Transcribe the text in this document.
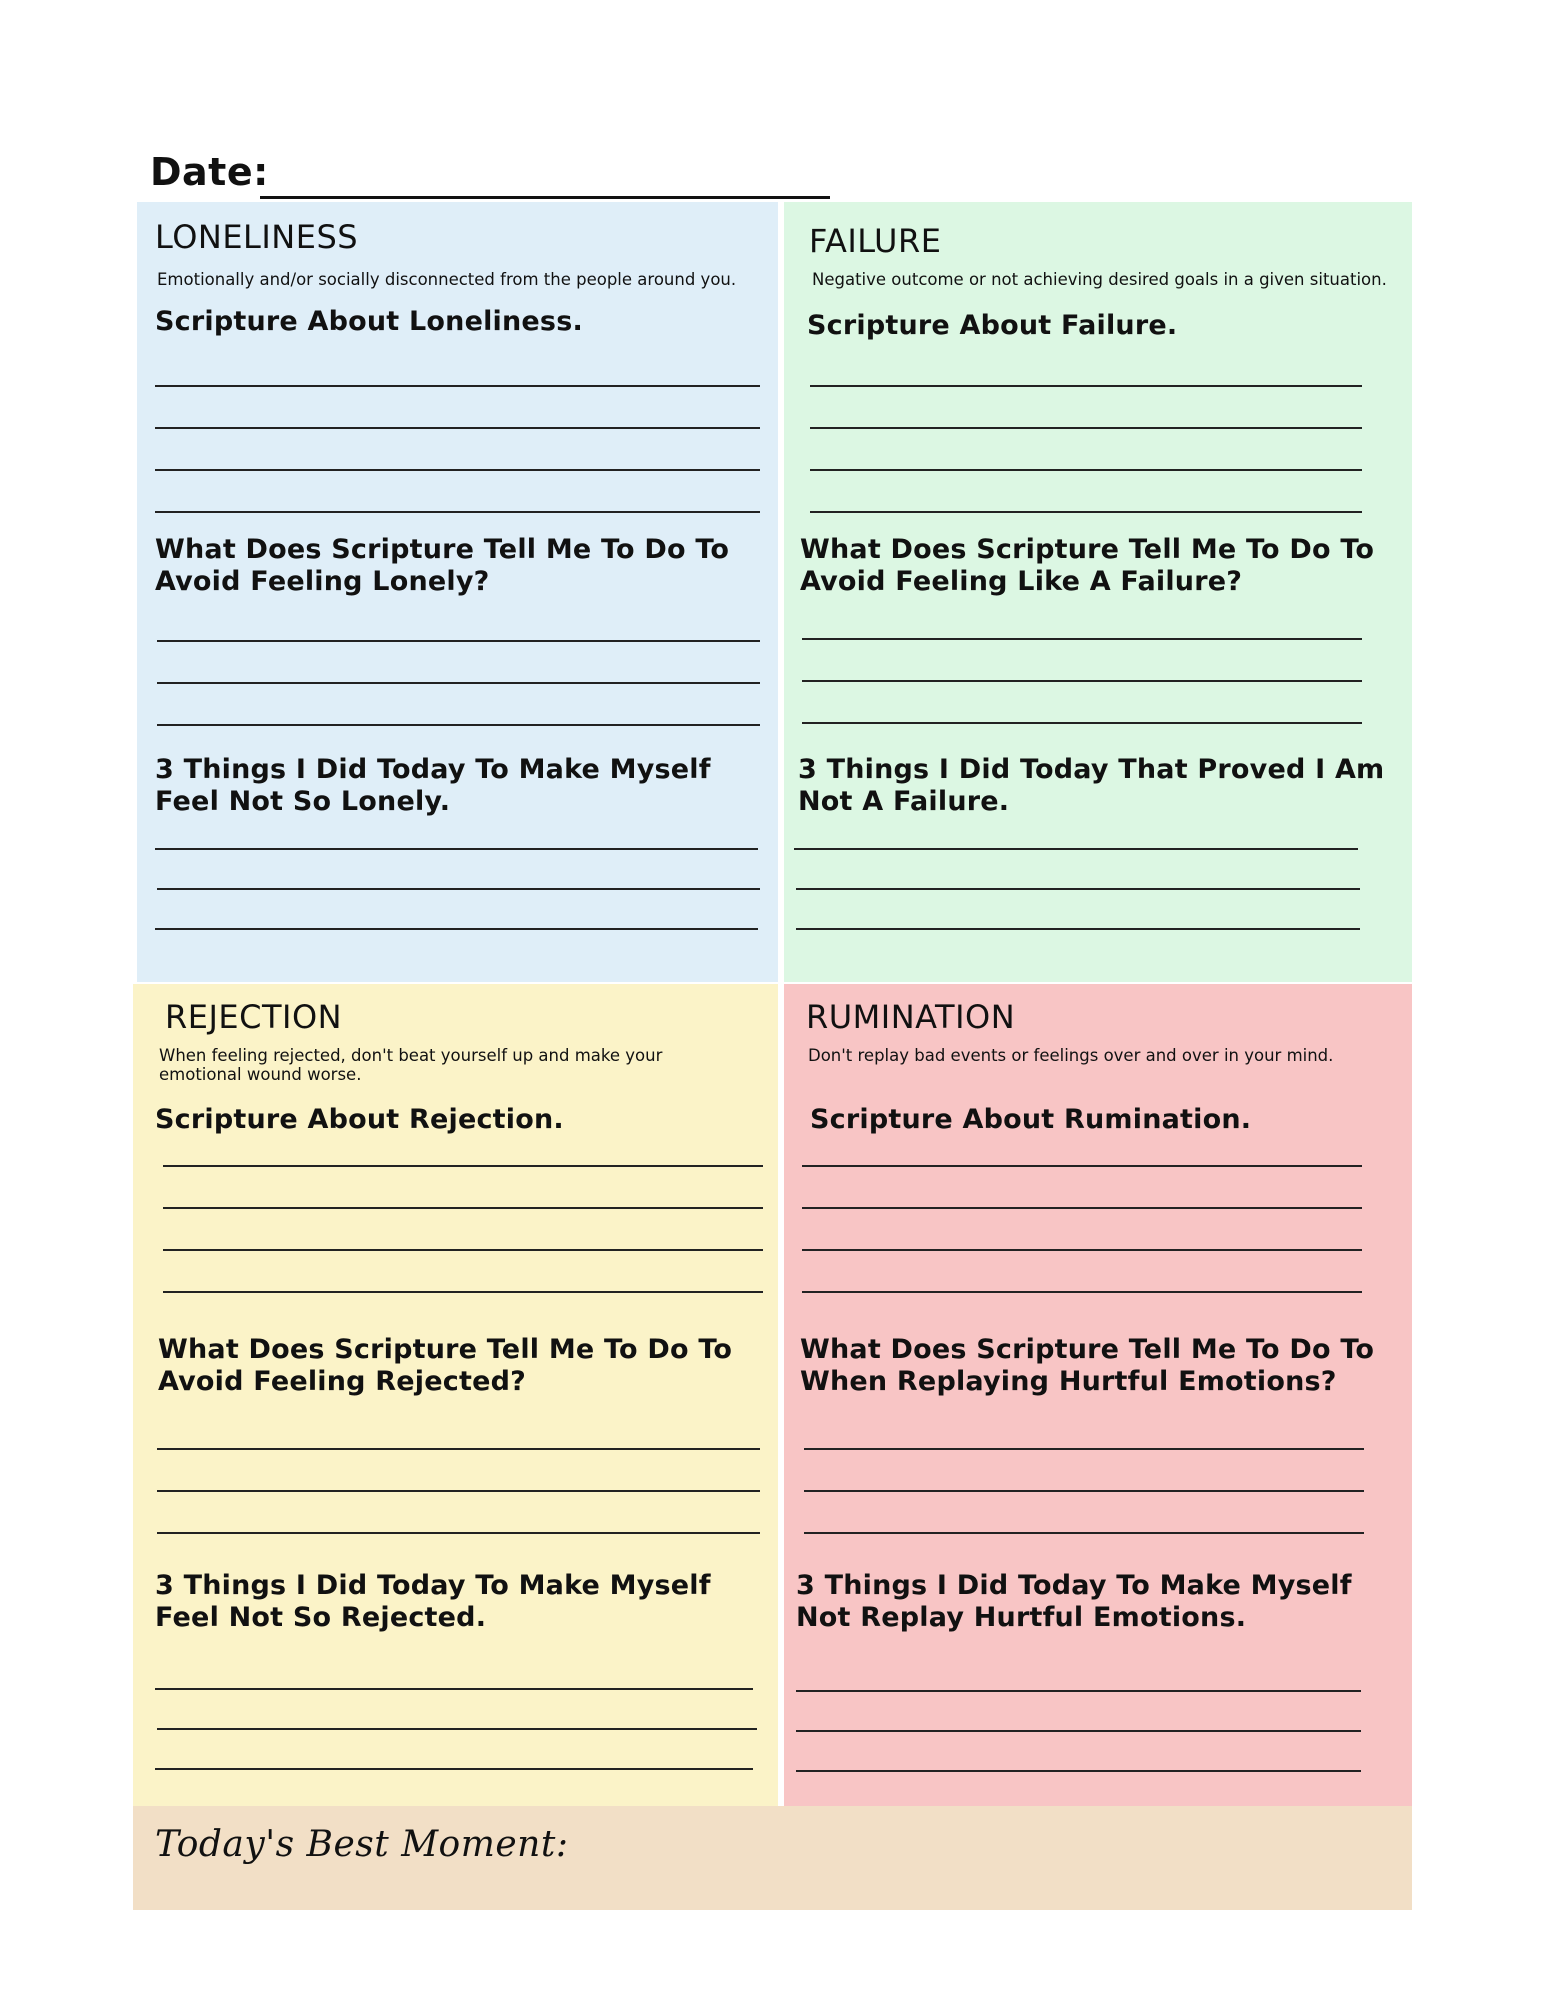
Date:
LONELINESS
Emotionally and/or socially disconnected from the people around you.
Scripture About Loneliness.
What Does Scripture Tell Me To Do To Avoid Feeling Lonely?
3 Things I Did Today To Make Myself Feel Not So Lonely.
FAILURE
Negative outcome or not achieving desired goals in a given situation.
Scripture About Failure.
What Does Scripture Tell Me To Do To Avoid Feeling Like A Failure?
3 Things I Did Today That Proved I Am Not A Failure.
REJECTION
When feeling rejected, don't beat yourself up and make your emotional wound worse.
Scripture About Rejection.
What Does Scripture Tell Me To Do To Avoid Feeling Rejected?
3 Things I Did Today To Make Myself Feel Not So Rejected.
RUMINATION
Don't replay bad events or feelings over and over in your mind.
Scripture About Rumination.
What Does Scripture Tell Me To Do To When Replaying Hurtful Emotions?
3 Things I Did Today To Make Myself Not Replay Hurtful Emotions.
Today's Best Moment:
